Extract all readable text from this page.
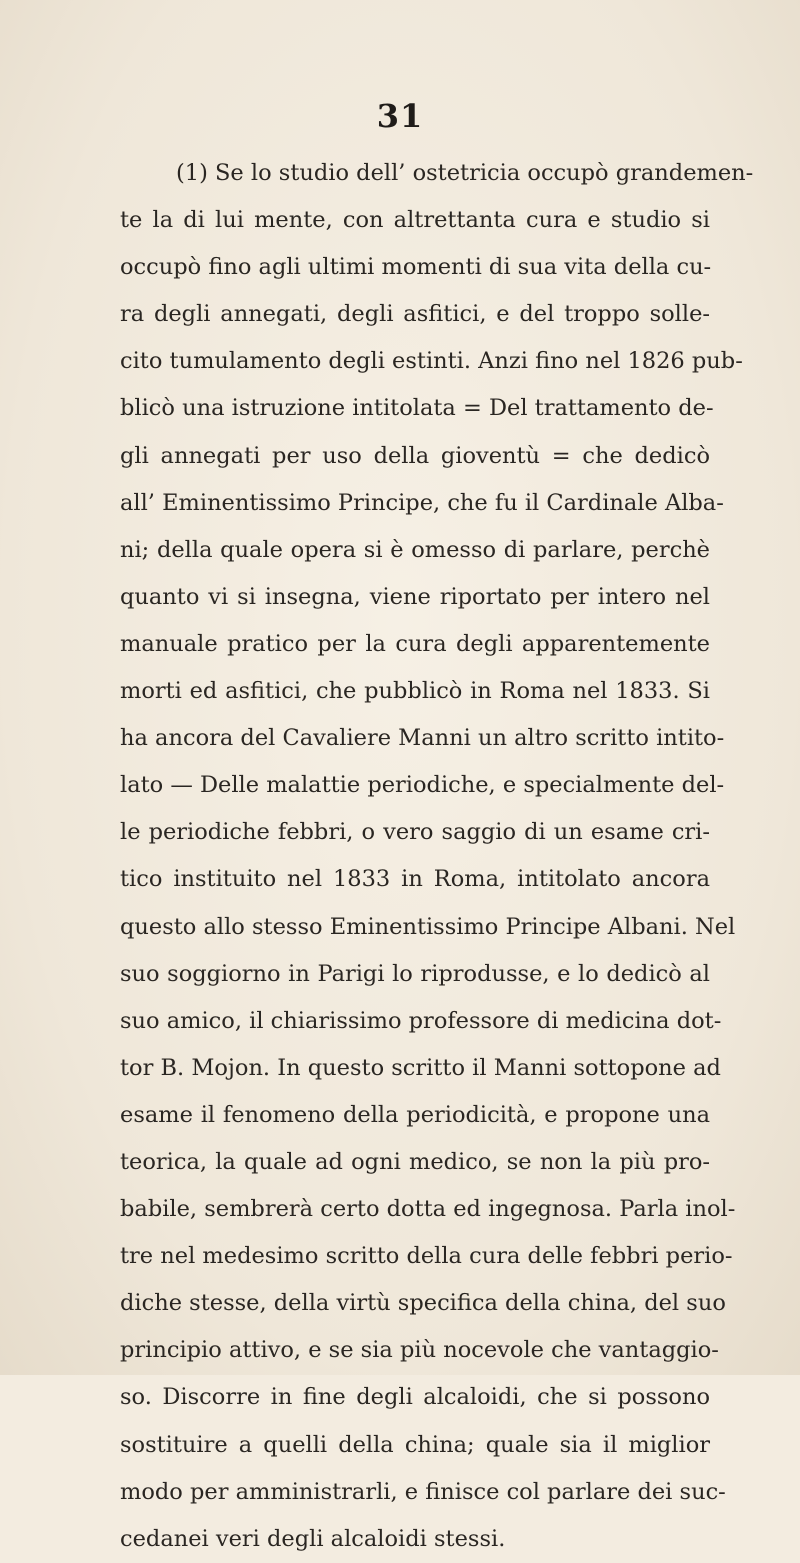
31
(1) Se lo studio dell’ ostetricia occupò grandemen-
te la di lui mente, con altrettanta cura e studio si
occupò fino agli ultimi momenti di sua vita della cu-
ra degli annegati, degli asfitici, e del troppo solle-
cito tumulamento degli estinti. Anzi fino nel 1826 pub-
blicò una istruzione intitolata = Del trattamento de-
gli annegati per uso della gioventù = che dedicò
all’ Eminentissimo Principe, che fu il Cardinale Alba-
ni; della quale opera si è omesso di parlare, perchè
quanto vi si insegna, viene riportato per intero nel
manuale pratico per la cura degli apparentemente
morti ed asfitici, che pubblicò in Roma nel 1833. Si
ha ancora del Cavaliere Manni un altro scritto intito-
lato — Delle malattie periodiche, e specialmente del-
le periodiche febbri, o vero saggio di un esame cri-
tico instituito nel 1833 in Roma, intitolato ancora
questo allo stesso Eminentissimo Principe Albani. Nel
suo soggiorno in Parigi lo riprodusse, e lo dedicò al
suo amico, il chiarissimo professore di medicina dot-
tor B. Mojon. In questo scritto il Manni sottopone ad
esame il fenomeno della periodicità, e propone una
teorica, la quale ad ogni medico, se non la più pro-
babile, sembrerà certo dotta ed ingegnosa. Parla inol-
tre nel medesimo scritto della cura delle febbri perio-
diche stesse, della virtù specifica della china, del suo
principio attivo, e se sia più nocevole che vantaggio-
so. Discorre in fine degli alcaloidi, che si possono
sostituire a quelli della china; quale sia il miglior
modo per amministrarli, e finisce col parlare dei suc-
cedanei veri degli alcaloidi stessi.
